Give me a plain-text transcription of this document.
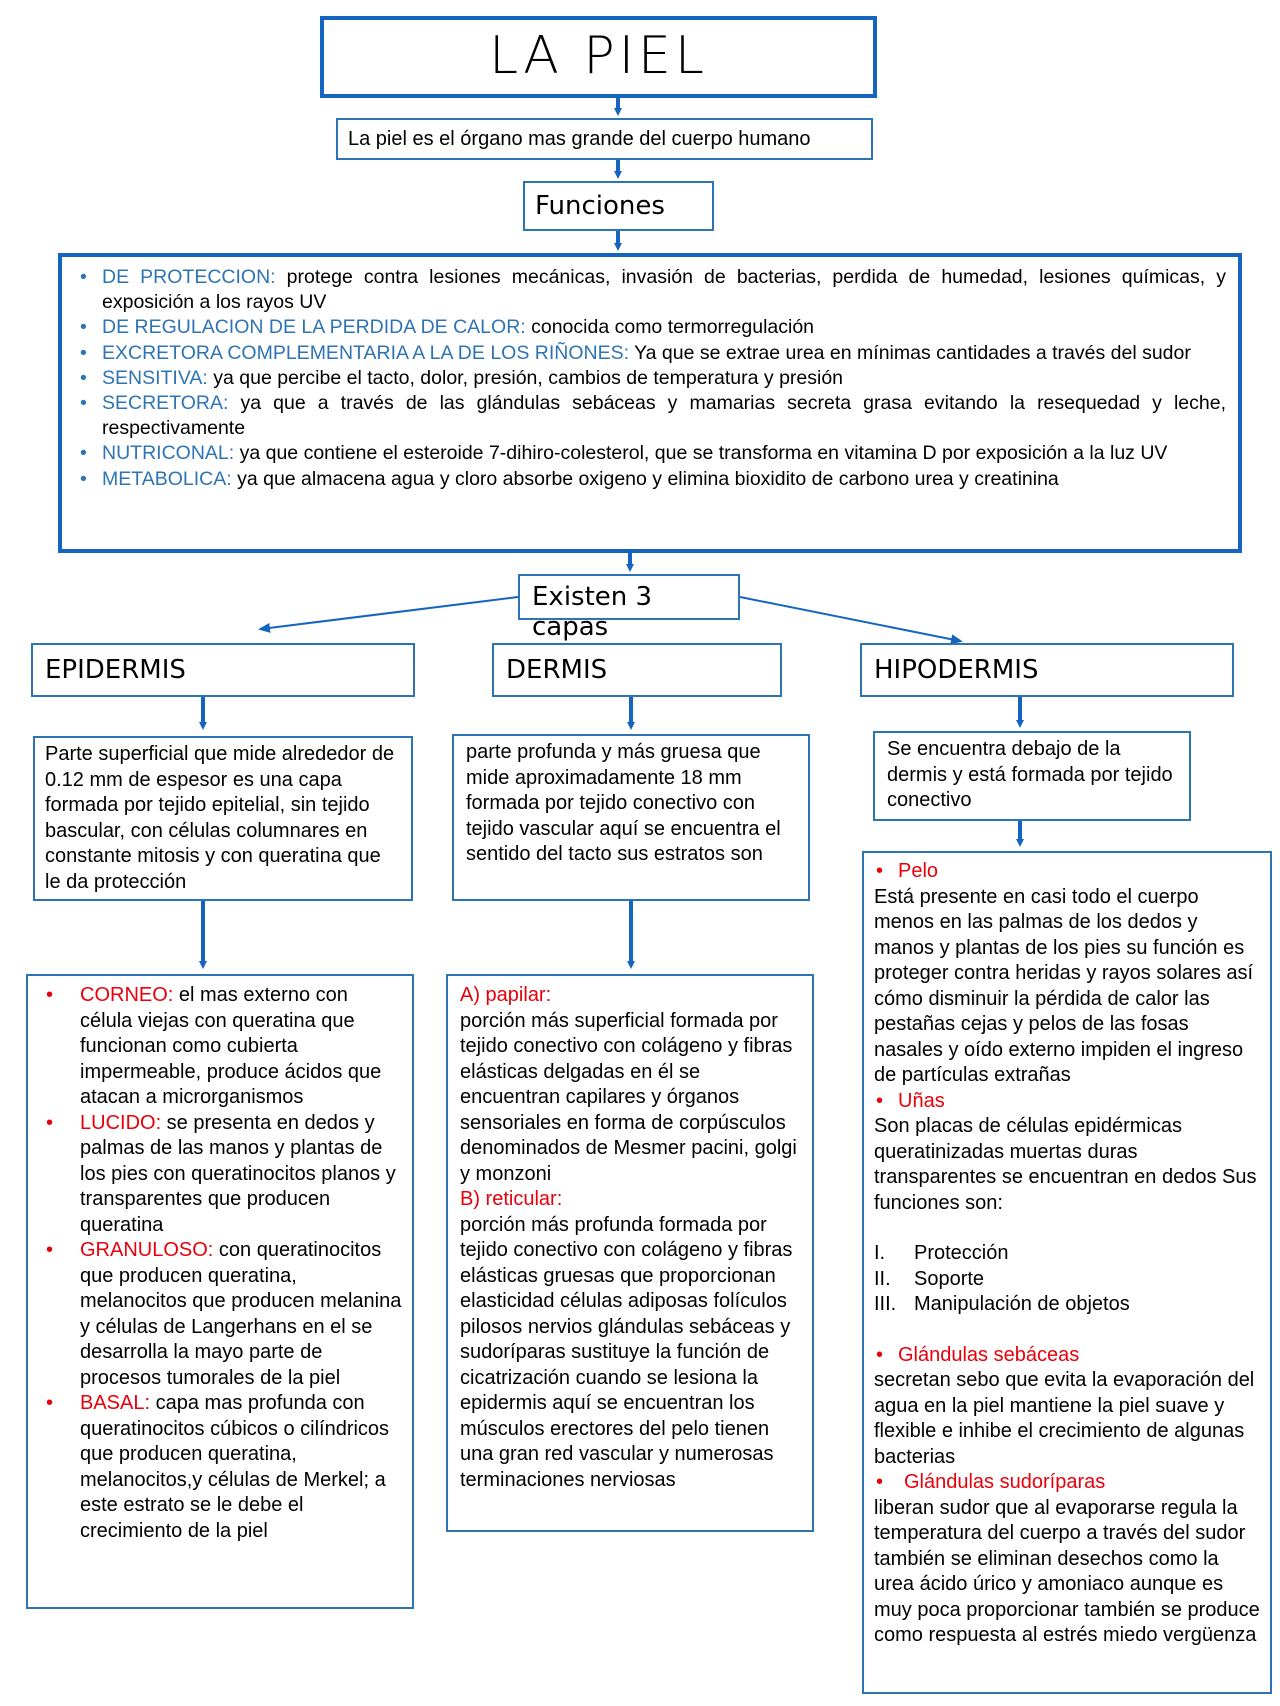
LA PIEL
La piel es el órgano mas grande del cuerpo humano
Funciones
• DE PROTECCION: protege contra lesiones mecánicas, invasión de bacterias, perdida de humedad, lesiones químicas, y exposición a los rayos UV
• DE REGULACION DE LA PERDIDA DE CALOR: conocida como termorregulación
• EXCRETORA COMPLEMENTARIA A LA DE LOS RIÑONES: Ya que se extrae urea en mínimas cantidades a través del sudor
• SENSITIVA: ya que percibe el tacto, dolor, presión, cambios de temperatura y presión
• SECRETORA: ya que a través de las glándulas sebáceas y mamarias secreta grasa evitando la resequedad y leche, respectivamente
• NUTRICONAL: ya que contiene el esteroide 7-dihiro-colesterol, que se transforma en vitamina D por exposición a la luz UV
• METABOLICA: ya que almacena agua y cloro absorbe oxigeno y elimina bioxidito de carbono urea y creatinina
Existen 3 capas
EPIDERMIS	DERMIS	HIPODERMIS
Parte superficial que mide alrededor de 0.12 mm de espesor es una capa formada por tejido epitelial, sin tejido bascular, con células columnares en constante mitosis y con queratina que le da protección
parte profunda y más gruesa que mide aproximadamente 18 mm formada por tejido conectivo con tejido vascular aquí se encuentra el sentido del tacto sus estratos son
Se encuentra debajo de la dermis y está formada por tejido conectivo
• CORNEO: el mas externo con célula viejas con queratina que funcionan como cubierta impermeable, produce ácidos que atacan a microrganismos
• LUCIDO: se presenta en dedos y palmas de las manos y plantas de los pies con queratinocitos planos y transparentes que producen queratina
• GRANULOSO: con queratinocitos que producen queratina, melanocitos que producen melanina y células de Langerhans en el se desarrolla la mayo parte de procesos tumorales de la piel
• BASAL: capa mas profunda con queratinocitos cúbicos o cilíndricos que producen queratina, melanocitos,y células de Merkel; a este estrato se le debe el crecimiento de la piel
A) papilar:
porción más superficial formada por tejido conectivo con colágeno y fibras elásticas delgadas en él se encuentran capilares y órganos sensoriales en forma de corpúsculos denominados de Mesmer pacini, golgi y monzoni
B) reticular:
porción más profunda formada por tejido conectivo con colágeno y fibras elásticas gruesas que proporcionan elasticidad células adiposas folículos pilosos nervios glándulas sebáceas y sudoríparas sustituye la función de cicatrización cuando se lesiona la epidermis aquí se encuentran los músculos erectores del pelo tienen una gran red vascular y numerosas terminaciones nerviosas
• Pelo
Está presente en casi todo el cuerpo menos en las palmas de los dedos y manos y plantas de los pies su función es proteger contra heridas y rayos solares así cómo disminuir la pérdida de calor las pestañas cejas y pelos de las fosas nasales y oído externo impiden el ingreso de partículas extrañas
• Uñas
Son placas de células epidérmicas queratinizadas muertas duras transparentes se encuentran en dedos Sus funciones son:
I.	Protección
II.	Soporte
III. Manipulación de objetos
• Glándulas sebáceas
secretan sebo que evita la evaporación del agua en la piel mantiene la piel suave y flexible e inhibe el crecimiento de algunas bacterias
• Glándulas sudoríparas
liberan sudor que al evaporarse regula la temperatura del cuerpo a través del sudor también se eliminan desechos como la urea ácido úrico y amoniaco aunque es muy poca proporcionar también se produce como respuesta al estrés miedo vergüenza
